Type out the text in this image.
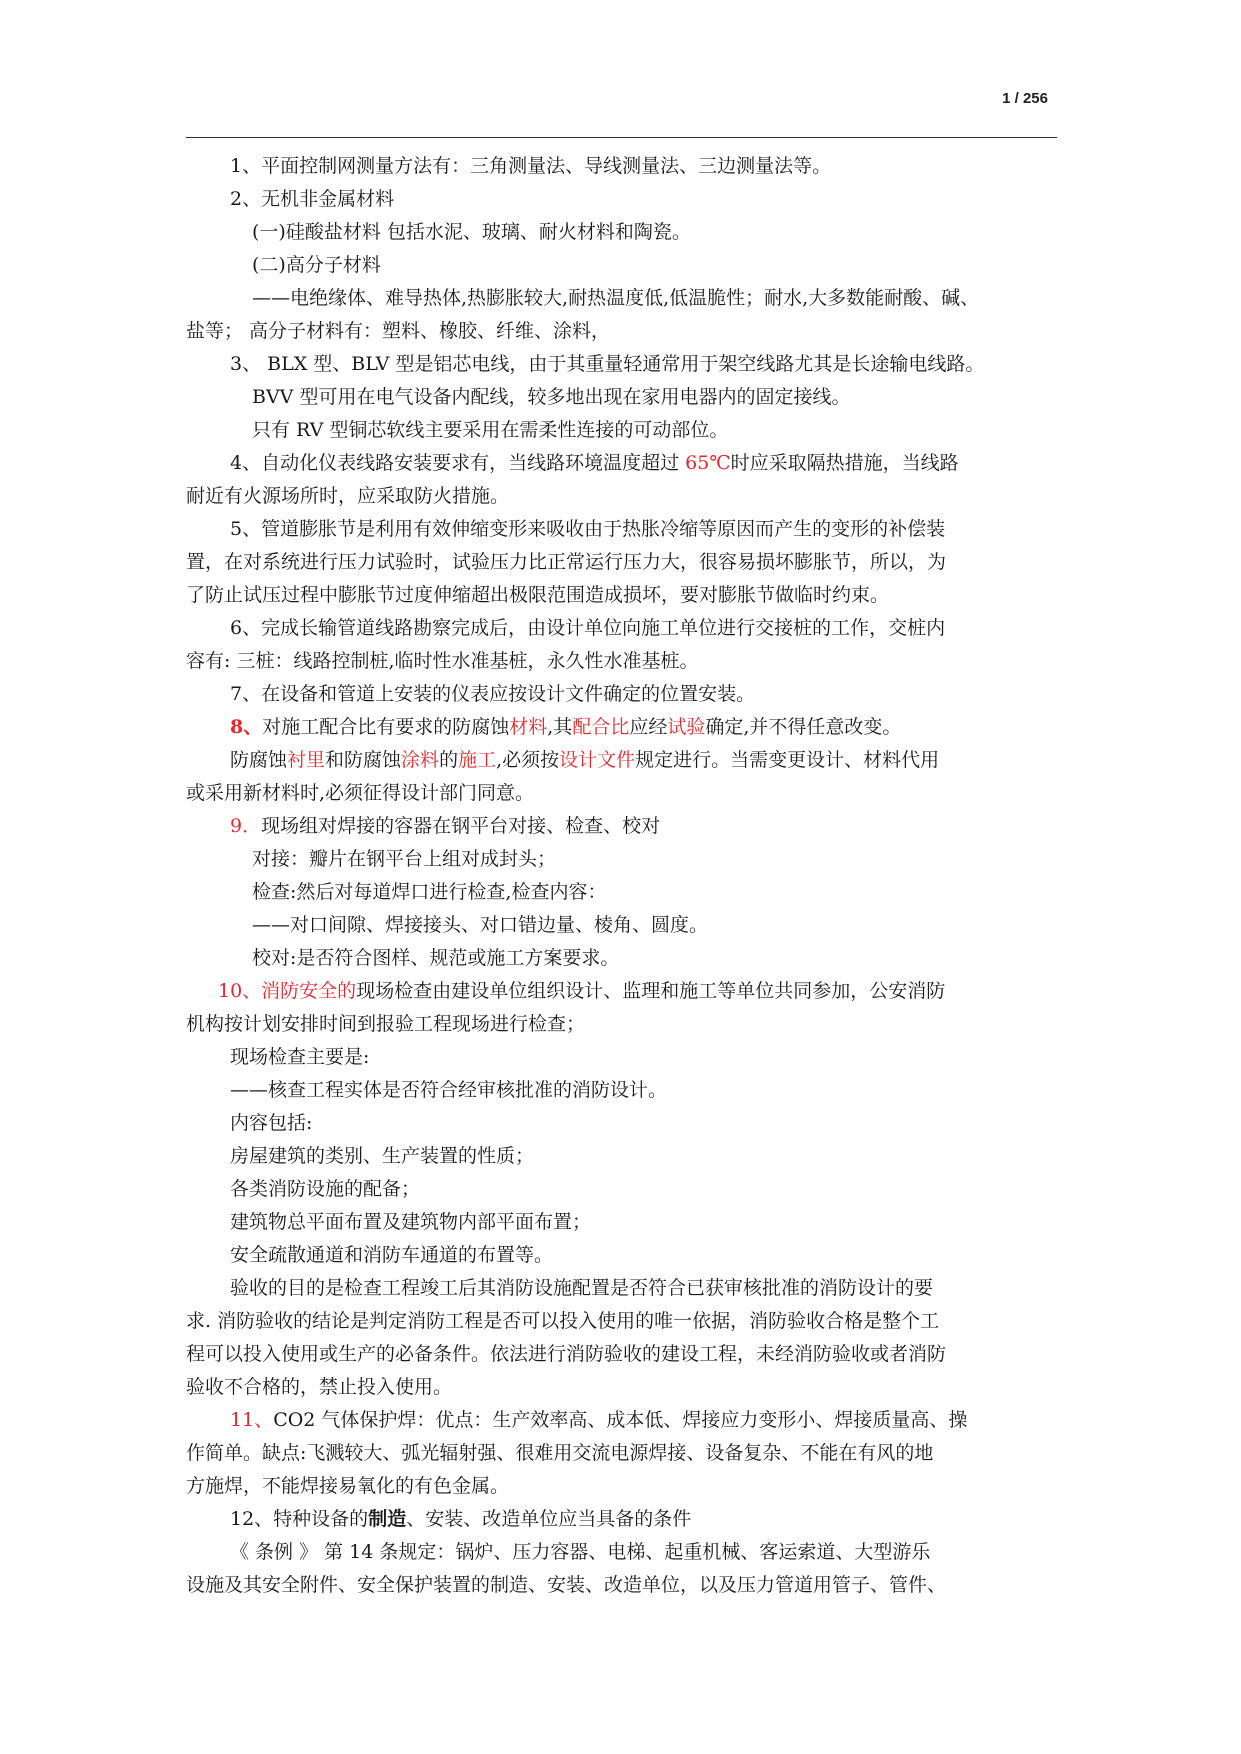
1 / 256
1、平面控制网测量方法有：三角测量法、导线测量法、三边测量法等。
2、无机非金属材料
(一)硅酸盐材料 包括水泥、玻璃、耐火材料和陶瓷。
(二)高分子材料
——电绝缘体、难导热体,热膨胀较大,耐热温度低,低温脆性；耐水,大多数能耐酸、碱、
盐等； 高分子材料有：塑料、橡胶、纤维、涂料，
3、 BLX 型、BLV 型是铝芯电线，由于其重量轻通常用于架空线路尤其是长途输电线路。
BVV 型可用在电气设备内配线，较多地出现在家用电器内的固定接线。
只有 RV 型铜芯软线主要采用在需柔性连接的可动部位。
4、自动化仪表线路安装要求有，当线路环境温度超过 65℃时应采取隔热措施，当线路
耐近有火源场所时，应采取防火措施。
5、管道膨胀节是利用有效伸缩变形来吸收由于热胀冷缩等原因而产生的变形的补偿装
置，在对系统进行压力试验时，试验压力比正常运行压力大，很容易损坏膨胀节，所以，为
了防止试压过程中膨胀节过度伸缩超出极限范围造成损坏，要对膨胀节做临时约束。
6、完成长输管道线路勘察完成后，由设计单位向施工单位进行交接桩的工作，交桩内
容有: 三桩：线路控制桩,临时性水准基桩，永久性水准基桩。
7、在设备和管道上安装的仪表应按设计文件确定的位置安装。
8、对施工配合比有要求的防腐蚀材料,其配合比应经试验确定,并不得任意改变。
防腐蚀衬里和防腐蚀涂料的施工,必须按设计文件规定进行。当需变更设计、材料代用
或采用新材料时,必须征得设计部门同意。
9．现场组对焊接的容器在钢平台对接、检查、校对
对接：瓣片在钢平台上组对成封头；
检查:然后对每道焊口进行检查,检查内容：
——对口间隙、焊接接头、对口错边量、棱角、圆度。
校对:是否符合图样、规范或施工方案要求。
10、消防安全的现场检查由建设单位组织设计、监理和施工等单位共同参加，公安消防
机构按计划安排时间到报验工程现场进行检查；
现场检查主要是:
——核查工程实体是否符合经审核批准的消防设计。
内容包括:
房屋建筑的类别、生产装置的性质；
各类消防设施的配备；
建筑物总平面布置及建筑物内部平面布置；
安全疏散通道和消防车通道的布置等。
验收的目的是检查工程竣工后其消防设施配置是否符合已获审核批准的消防设计的要
求. 消防验收的结论是判定消防工程是否可以投入使用的唯一依据，消防验收合格是整个工
程可以投入使用或生产的必备条件。依法进行消防验收的建设工程，未经消防验收或者消防
验收不合格的，禁止投入使用。
11、CO2 气体保护焊：优点：生产效率高、成本低、焊接应力变形小、焊接质量高、操
作简单。缺点:飞溅较大、弧光辐射强、很难用交流电源焊接、设备复杂、不能在有风的地
方施焊，不能焊接易氧化的有色金属。
12、特种设备的制造、安装、改造单位应当具备的条件
《 条例 》 第 14 条规定：锅炉、压力容器、电梯、起重机械、客运索道、大型游乐
设施及其安全附件、安全保护装置的制造、安装、改造单位，以及压力管道用管子、管件、
